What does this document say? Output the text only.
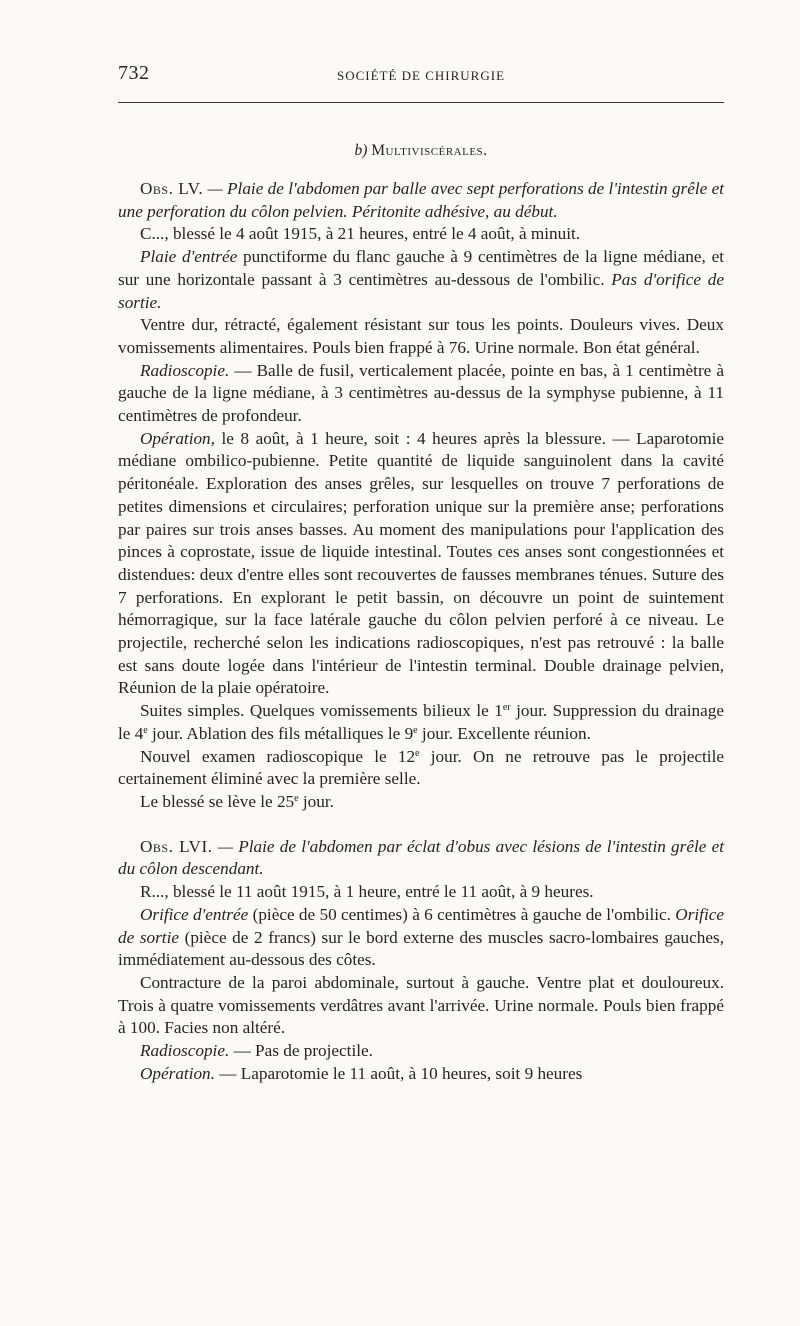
732	SOCIÉTÉ DE CHIRURGIE
b) Multiviscérales.

Obs. LV. — Plaie de l'abdomen par balle avec sept perforations de l'intestin grêle et une perforation du côlon pelvien. Péritonite adhésive, au début.

C..., blessé le 4 août 1915, à 21 heures, entré le 4 août, à minuit.

Plaie d'entrée punctiforme du flanc gauche à 9 centimètres de la ligne médiane, et sur une horizontale passant à 3 centimètres au-dessous de l'ombilic. Pas d'orifice de sortie.

Ventre dur, rétracté, également résistant sur tous les points. Douleurs vives. Deux vomissements alimentaires. Pouls bien frappé à 76. Urine normale. Bon état général.

Radioscopie. — Balle de fusil, verticalement placée, pointe en bas, à 1 centimètre à gauche de la ligne médiane, à 3 centimètres au-dessus de la symphyse pubienne, à 11 centimètres de profondeur.

Opération, le 8 août, à 1 heure, soit : 4 heures après la blessure. — Laparotomie médiane ombilico-pubienne. Petite quantité de liquide sanguinolent dans la cavité péritonéale. Exploration des anses grêles, sur lesquelles on trouve 7 perforations de petites dimensions et circulaires; perforation unique sur la première anse; perforations par paires sur trois anses basses. Au moment des manipulations pour l'application des pinces à coprostate, issue de liquide intestinal. Toutes ces anses sont congestionnées et distendues: deux d'entre elles sont recouvertes de fausses membranes ténues. Suture des 7 perforations. En explorant le petit bassin, on découvre un point de suintement hémorragique, sur la face latérale gauche du côlon pelvien perforé à ce niveau. Le projectile, recherché selon les indications radioscopiques, n'est pas retrouvé : la balle est sans doute logée dans l'intérieur de l'intestin terminal. Double drainage pelvien, Réunion de la plaie opératoire.

Suites simples. Quelques vomissements bilieux le 1er jour. Suppression du drainage le 4e jour. Ablation des fils métalliques le 9e jour. Excellente réunion.

Nouvel examen radioscopique le 12e jour. On ne retrouve pas le projectile certainement éliminé avec la première selle.

Le blessé se lève le 25e jour.

Obs. LVI. — Plaie de l'abdomen par éclat d'obus avec lésions de l'intestin grêle et du côlon descendant.

R..., blessé le 11 août 1915, à 1 heure, entré le 11 août, à 9 heures.

Orifice d'entrée (pièce de 50 centimes) à 6 centimètres à gauche de l'ombilic. Orifice de sortie (pièce de 2 francs) sur le bord externe des muscles sacro-lombaires gauches, immédiatement au-dessous des côtes.

Contracture de la paroi abdominale, surtout à gauche. Ventre plat et douloureux. Trois à quatre vomissements verdâtres avant l'arrivée. Urine normale. Pouls bien frappé à 100. Facies non altéré.

Radioscopie. — Pas de projectile.

Opération. — Laparotomie le 11 août, à 10 heures, soit 9 heures
